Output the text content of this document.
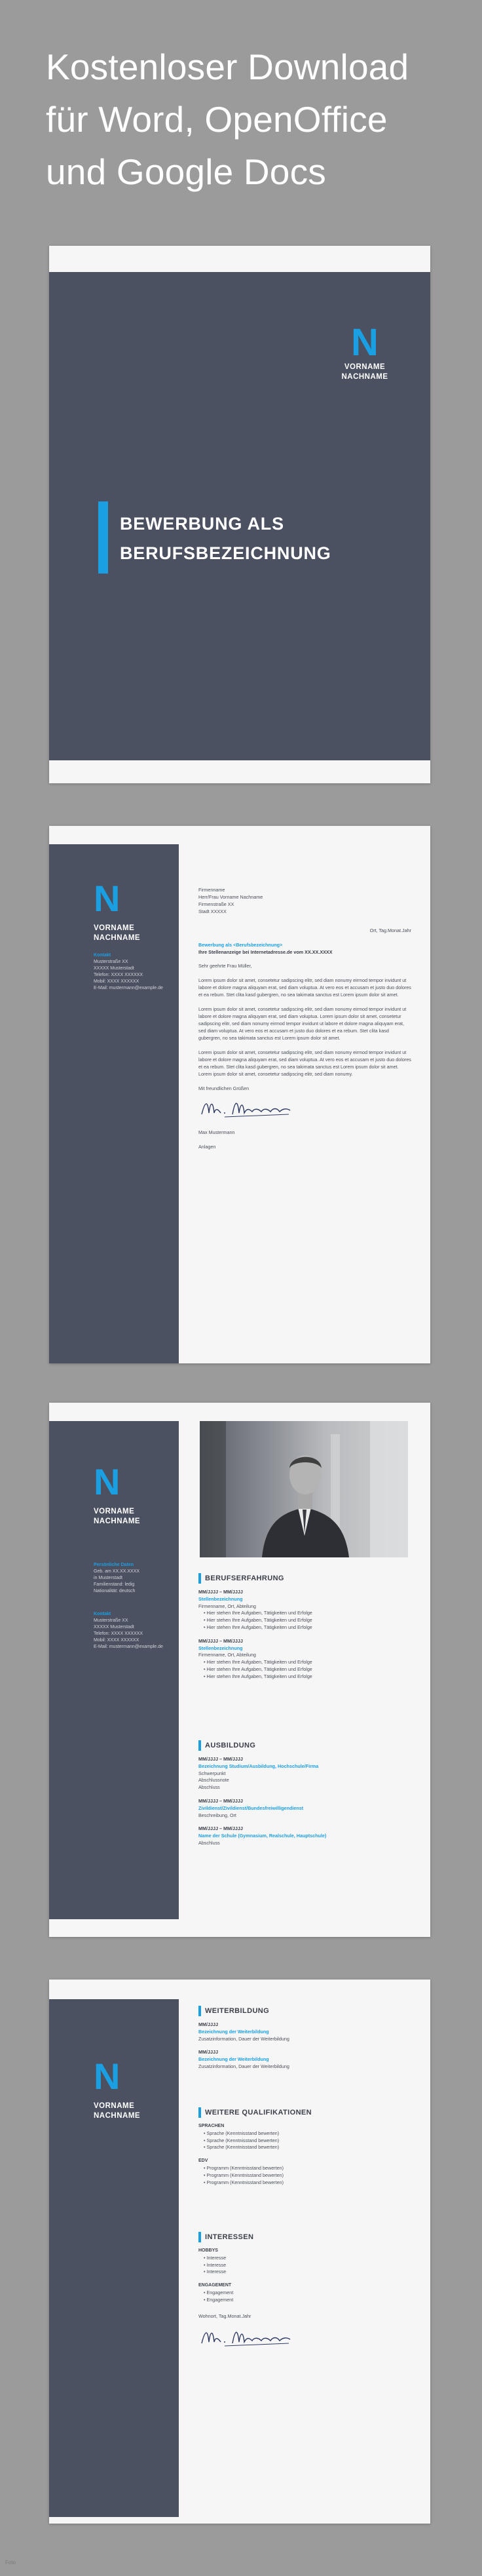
Kostenloser Download
für Word, OpenOffice
und Google Docs
N
VORNAME
NACHNAME
BEWERBUNG ALS
BERUFSBEZEICHNUNG
N
VORNAME
NACHNAME
Kontakt
Musterstraße XX
XXXXX Musterstadt
Telefon: XXXX XXXXXX
Mobil: XXXX XXXXXX
E-Mail: mustermann@example.de

Firmenname
Herr/Frau Vorname Nachname
Firmenstraße XX
Stadt XXXXX

Ort, Tag.Monat.Jahr

Bewerbung als <Berufsbezeichnung>
Ihre Stellenanzeige bei Internetadresse.de vom XX.XX.XXXX

Sehr geehrte Frau Müller,

Lorem ipsum dolor sit amet, consetetur sadipscing elitr, sed diam nonumy eirmod tempor invidunt ut labore et dolore magna aliquyam erat, sed diam voluptua. At vero eos et accusam et justo duo dolores et ea rebum. Stet clita kasd gubergren, no sea takimata sanctus est Lorem ipsum dolor sit amet.

Lorem ipsum dolor sit amet, consetetur sadipscing elitr, sed diam nonumy eirmod tempor invidunt ut labore et dolore magna aliquyam erat, sed diam voluptua. Lorem ipsum dolor sit amet, consetetur sadipscing elitr, sed diam nonumy eirmod tempor invidunt ut labore et dolore magna aliquyam erat, sed diam voluptua. At vero eos et accusam et justo duo dolores et ea rebum. Stet clita kasd gubergren, no sea takimata sanctus est Lorem ipsum dolor sit amet.

Lorem ipsum dolor sit amet, consetetur sadipscing elitr, sed diam nonumy eirmod tempor invidunt ut labore et dolore magna aliquyam erat, sed diam voluptua. At vero eos et accusam et justo duo dolores et ea rebum. Stet clita kasd gubergren, no sea takimata sanctus est Lorem ipsum dolor sit amet. Lorem ipsum dolor sit amet, consetetur sadipscing elitr, sed diam nonumy.

Mit freundlichen Grüßen

Max Mustermann

Anlagen

N
VORNAME
NACHNAME
Persönliche Daten
Geb. am XX.XX.XXXX
in Musterstadt
Familienstand: ledig
Nationalität: deutsch
Kontakt
Musterstraße XX
XXXXX Musterstadt
Telefon: XXXX XXXXXX
Mobil: XXXX XXXXXX
E-Mail: mustermann@example.de
BERUFSERFAHRUNG
MM/JJJJ – MM/JJJJ
Stellenbezeichnung
Firmenname, Ort, Abteilung
• Hier stehen Ihre Aufgaben, Tätigkeiten und Erfolge
• Hier stehen Ihre Aufgaben, Tätigkeiten und Erfolge
• Hier stehen Ihre Aufgaben, Tätigkeiten und Erfolge
MM/JJJJ – MM/JJJJ
Stellenbezeichnung
Firmenname, Ort, Abteilung
• Hier stehen Ihre Aufgaben, Tätigkeiten und Erfolge
• Hier stehen Ihre Aufgaben, Tätigkeiten und Erfolge
• Hier stehen Ihre Aufgaben, Tätigkeiten und Erfolge
AUSBILDUNG
MM/JJJJ – MM/JJJJ
Bezeichnung Studium/Ausbildung, Hochschule/Firma
Schwerpunkt
Abschlussnote
Abschluss
MM/JJJJ – MM/JJJJ
Zivildienst/Zivildienst/Bundesfreiwilligendienst
Beschreibung, Ort
MM/JJJJ – MM/JJJJ
Name der Schule (Gymnasium, Realschule, Hauptschule)
Abschluss
N
VORNAME
NACHNAME
WEITERBILDUNG
MM/JJJJ
Bezeichnung der Weiterbildung
Zusatzinformation, Dauer der Weiterbildung
MM/JJJJ
Bezeichnung der Weiterbildung
Zusatzinformation, Dauer der Weiterbildung
WEITERE QUALIFIKATIONEN
SPRACHEN
• Sprache (Kenntnisstand bewerten)
• Sprache (Kenntnisstand bewerten)
• Sprache (Kenntnisstand bewerten)
EDV
• Programm (Kenntnisstand bewerten)
• Programm (Kenntnisstand bewerten)
• Programm (Kenntnisstand bewerten)
INTERESSEN
HOBBYS
• Interesse
• Interesse
• Interesse
ENGAGEMENT
• Engagement
• Engagement
Wohnort, Tag.Monat.Jahr
Foto
